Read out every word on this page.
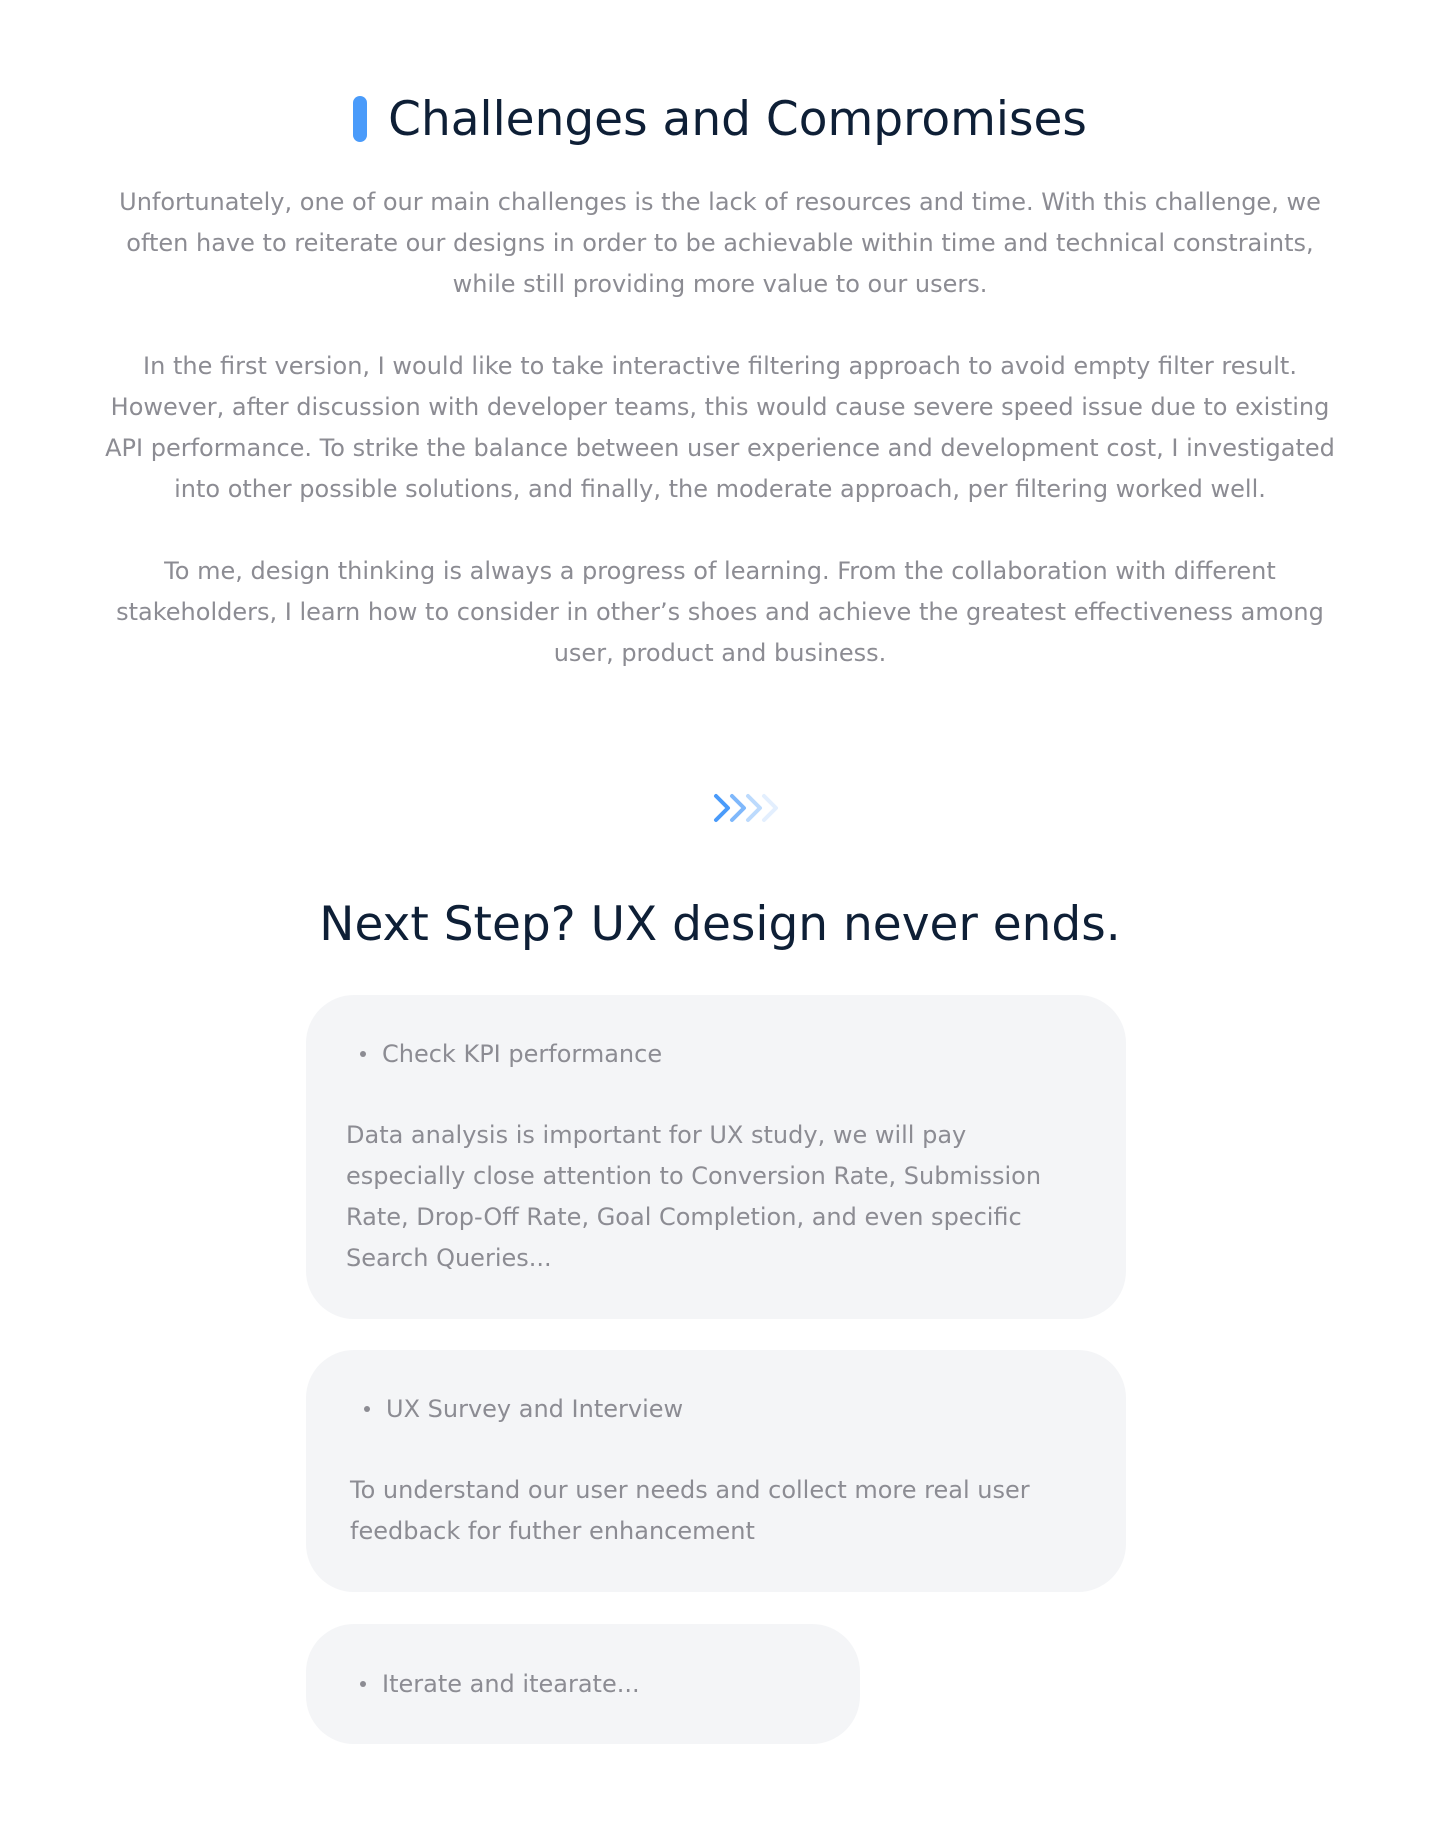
Challenges and Compromises

Unfortunately, one of our main challenges is the lack of resources and time. With this challenge, we often have to reiterate our designs in order to be achievable within time and technical constraints, while still providing more value to our users.

In the first version, I would like to take interactive filtering approach to avoid empty filter result. However, after discussion with developer teams, this would cause severe speed issue due to existing API performance. To strike the balance between user experience and development cost, I investigated into other possible solutions, and finally, the moderate approach, per filtering worked well.

To me, design thinking is always a progress of learning. From the collaboration with different stakeholders, I learn how to consider in other’s shoes and achieve the greatest effectiveness among user, product and business.

Next Step? UX design never ends.
Check KPI performance

Data analysis is important for UX study, we will pay especially close attention to Conversion Rate, Submission Rate, Drop-Off Rate, Goal Completion, and even specific Search Queries...

UX Survey and Interview

To understand our user needs and collect more real user feedback for futher enhancement

Iterate and itearate...
